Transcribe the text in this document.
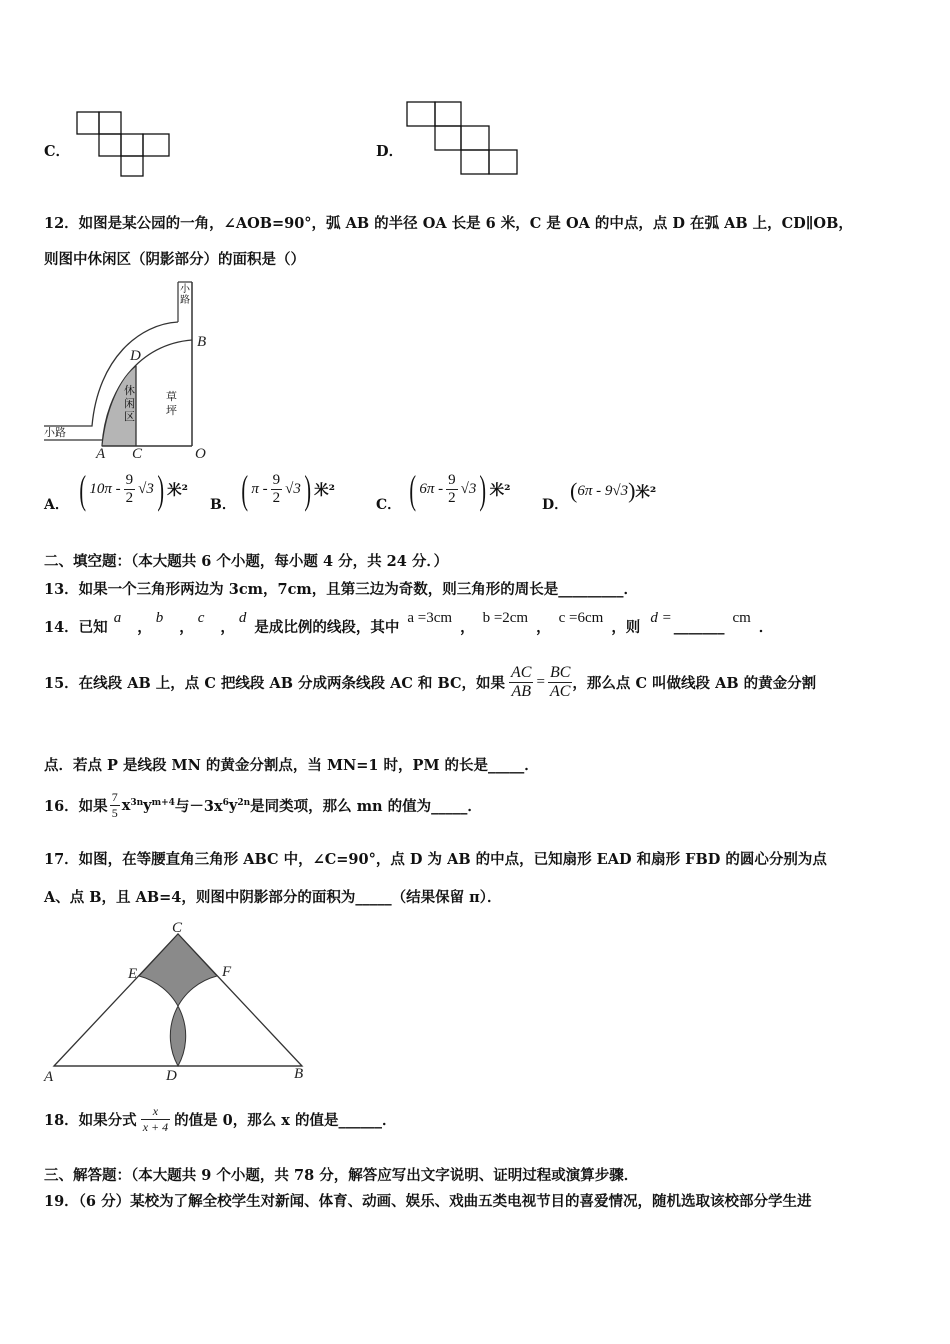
C．	D．
12．如图是某公园的一角，∠AOB=90°，弧 AB 的半径 OA 长是 6 米，C 是 OA 的中点，点 D 在弧 AB 上，CD∥OB，
则图中休闲区（阴影部分）的面积是（）
A C	O
B
D
小路
小路
休闲区
草坪
A． ( $10\pi - \frac{9}{2} √3$ ) 米²
B． ( π - $\frac{9}{2} √3$ ) 米²
C． ( $6\pi - \frac{9}{2} √3$ ) 米²
D．
( 6π - 9√3 ) 米²
二、填空题：（本大题共 6 个小题，每小题 4 分，共 24 分．）
13．如果一个三角形两边为 3cm，7cm，且第三边为奇数，则三角形的周长是_________．
14．已知
a
，
b
，
c
，
d
是成比例的线段，其中
a =3cm
，
b =2cm
，
c =6cm
，则
d = _______ cm
．
15．在线段 AB 上，点 C 把线段 AB 分成两条线段 AC 和 BC，如果 $\frac{AC}{AB} = \frac{BC}{AC}$ ，那么点 C 叫做线段 AB 的黄金分割
点．若点 P 是线段 MN 的黄金分割点，当 MN=1 时，PM 的长是_____．
16．如果 $\frac{7}{5}$ x 3n y m+4 与－3x 6 y 2n 是同类项，那么 mn 的值为_____．
17．如图，在等腰直角三角形 ABC 中，∠C=90°，点 D 为 AB 的中点，已知扇形 EAD 和扇形 FBD 的圆心分别为点
A、点 B，且 AB=4，则图中阴影部分的面积为_____（结果保留 π）．
A	D	B
C
E	F
18．如果分式 $\frac{x}{x + 4}$ 的值是 0，那么 x 的值是______．
三、解答题：（本大题共 9 个小题，共 78 分，解答应写出文字说明、证明过程或演算步骤．
19．（6 分）某校为了解全校学生对新闻、体育、动画、娱乐、戏曲五类电视节目的喜爱情况，随机选取该校部分学生进
